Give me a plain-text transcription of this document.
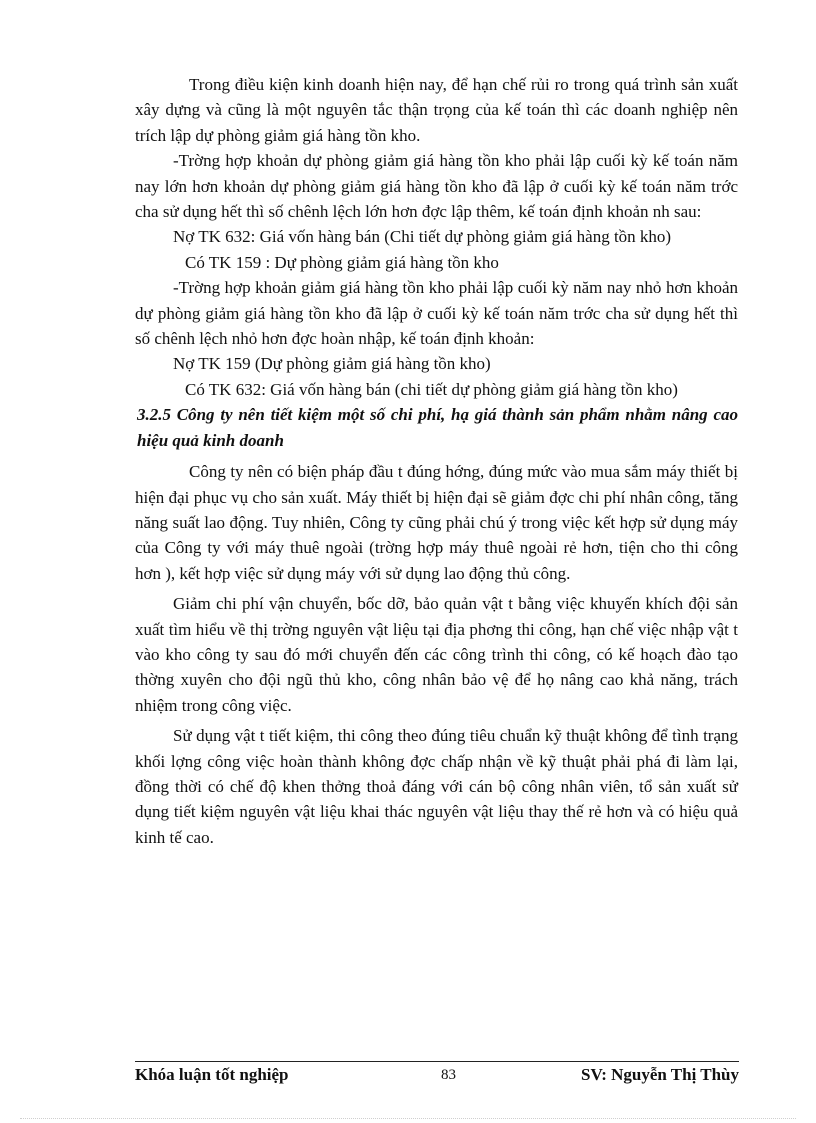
Trong điều kiện kinh doanh hiện nay, để hạn chế rủi ro trong quá trình sản xuất xây dựng và cũng là một nguyên tắc thận trọng của kế toán thì các doanh nghiệp nên trích lập dự phòng giảm giá hàng tồn kho.

-Trờng hợp khoản dự phòng giảm giá hàng tồn kho phải lập cuối kỳ kế toán năm nay lớn hơn khoản dự phòng giảm giá hàng tồn kho đã lập ở cuối kỳ kế toán năm trớc cha sử dụng hết thì số chênh lệch lớn hơn đợc lập thêm, kế toán định khoản nh sau:

Nợ TK 632: Giá vốn hàng bán (Chi tiết dự phòng giảm giá hàng tồn kho)

Có TK 159 : Dự phòng giảm giá hàng tồn kho

-Trờng hợp khoản giảm giá hàng tồn kho phải lập cuối kỳ năm nay nhỏ hơn khoản dự phòng giảm giá hàng tồn kho đã lập ở cuối kỳ kế toán năm trớc cha sử dụng hết thì số chênh lệch nhỏ hơn đợc hoàn nhập, kế toán định khoản:

Nợ TK 159 (Dự phòng giảm giá hàng tồn kho)

Có TK 632: Giá vốn hàng bán (chi tiết dự phòng giảm giá hàng tồn kho)

3.2.5 Công ty nên tiết kiệm một số chi phí, hạ giá thành sản phẩm nhằm nâng cao hiệu quả kinh doanh

Công ty nên có biện pháp đầu t đúng hớng, đúng mức vào mua sắm máy thiết bị hiện đại phục vụ cho sản xuất. Máy thiết bị hiện đại sẽ giảm đợc chi phí nhân công, tăng năng suất lao động. Tuy nhiên, Công ty cũng phải chú ý trong việc kết hợp sử dụng máy của Công ty với máy thuê ngoài (trờng hợp máy thuê ngoài rẻ hơn, tiện cho thi công hơn ), kết hợp việc sử dụng máy với sử dụng lao động thủ công.

Giảm chi phí vận chuyển, bốc dỡ, bảo quản vật t bằng việc khuyến khích đội sản xuất tìm hiểu về thị trờng nguyên vật liệu tại địa phơng thi công, hạn chế việc nhập vật t vào kho công ty sau đó mới chuyển đến các công trình thi công, có kế hoạch đào tạo thờng xuyên cho đội ngũ thủ kho, công nhân bảo vệ để họ nâng cao khả năng, trách nhiệm trong công việc.

Sử dụng vật t tiết kiệm, thi công theo đúng tiêu chuẩn kỹ thuật không để tình trạng khối lợng công việc hoàn thành không đợc chấp nhận về kỹ thuật phải phá đi làm lại, đồng thời có chế độ khen thởng thoả đáng với cán bộ công nhân viên, tổ sản xuất sử dụng tiết kiệm nguyên vật liệu khai thác nguyên vật liệu thay thế rẻ hơn và có hiệu quả kinh tế cao.

Khóa luận tốt nghiệp	83	SV: Nguyễn Thị Thùy
